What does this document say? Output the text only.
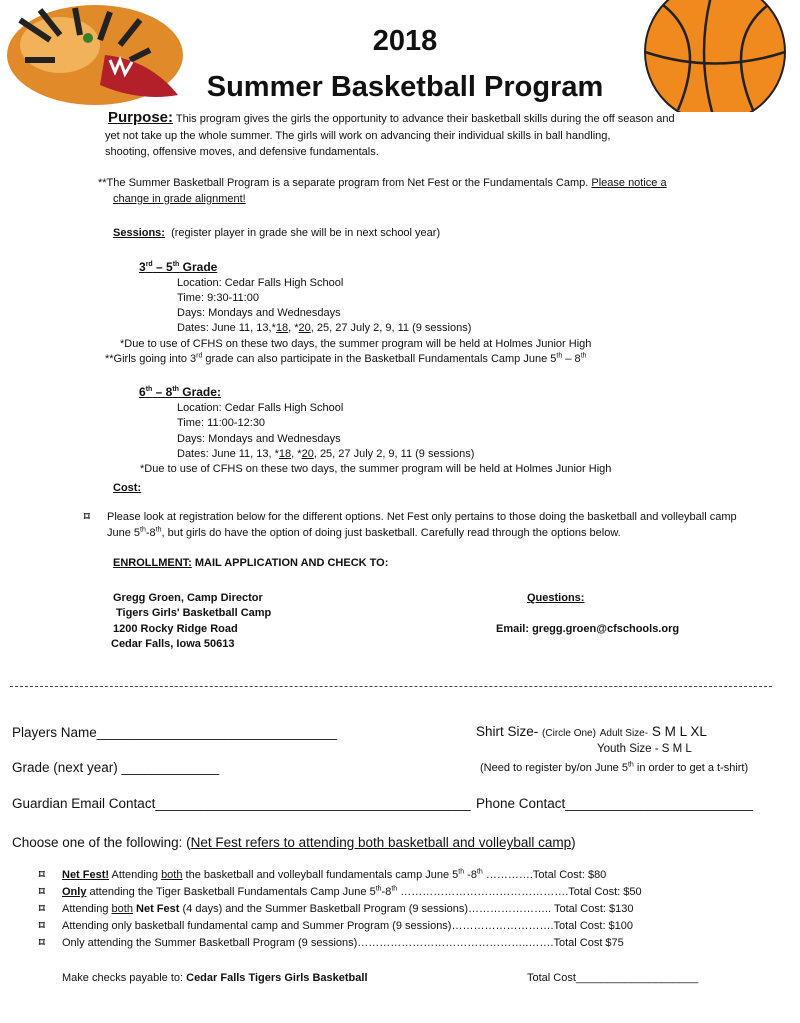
2018
Summer Basketball Program
Purpose: This program gives the girls the opportunity to advance their basketball skills during the off season and
yet not take up the whole summer. The girls will work on advancing their individual skills in ball handling,
shooting, offensive moves, and defensive fundamentals.
**The Summer Basketball Program is a separate program from Net Fest or the Fundamentals Camp. Please notice a
change in grade alignment!
Sessions: (register player in grade she will be in next school year)
3rd – 5th Grade
Location: Cedar Falls High School
Time: 9:30-11:00
Days: Mondays and Wednesdays
Dates: June 11, 13,*18, *20, 25, 27 July 2, 9, 11 (9 sessions)
*Due to use of CFHS on these two days, the summer program will be held at Holmes Junior High
**Girls going into 3rd grade can also participate in the Basketball Fundamentals Camp June 5th – 8th
6th – 8th Grade:
Location: Cedar Falls High School
Time: 11:00-12:30
Days: Mondays and Wednesdays
Dates: June 11, 13, *18, *20, 25, 27 July 2, 9, 11 (9 sessions)
*Due to use of CFHS on these two days, the summer program will be held at Holmes Junior High
Cost:
⌑ Please look at registration below for the different options. Net Fest only pertains to those doing the basketball and volleyball camp
June 5th-8th, but girls do have the option of doing just basketball. Carefully read through the options below.
ENROLLMENT: MAIL APPLICATION AND CHECK TO:
Gregg Groen, Camp Director
Tigers Girls' Basketball Camp
1200 Rocky Ridge Road
Cedar Falls, Iowa 50613
Questions:
Email: gregg.groen@cfschools.org
Players Name________________________________	Shirt Size- (Circle One) Adult Size- S M L XL
Youth Size - S M L
Grade (next year) _____________	(Need to register by/on June 5th in order to get a t-shirt)
Guardian Email Contact__________________________________________ Phone Contact_________________________
Choose one of the following: (Net Fest refers to attending both basketball and volleyball camp)
⌑ Net Fest! Attending both the basketball and volleyball fundamentals camp June 5th -8th ………….Total Cost: $80
⌑ Only attending the Tiger Basketball Fundamentals Camp June 5th-8th ……………………………………….Total Cost: $50
⌑ Attending both Net Fest (4 days) and the Summer Basketball Program (9 sessions)………………….. Total Cost: $130
⌑ Attending only basketball fundamental camp and Summer Program (9 sessions)……………………….Total Cost: $100
⌑ Only attending the Summer Basketball Program (9 sessions)………………………………………..…….Total Cost $75
Make checks payable to: Cedar Falls Tigers Girls Basketball	Total Cost____________________
